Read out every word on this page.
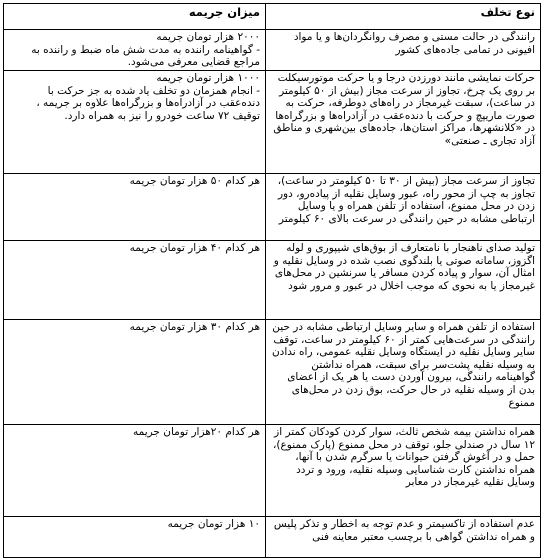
نوع تخلف	میزان جریمه
رانندگی در حالت مستی و مصرف روانگردان‌ها و یا مواد افیونی در تمامی جاده‌های کشور	۲۰۰۰ هزار تومان جریمه
- گواهینامه راننده به مدت شش ماه ضبط و راننده به مراجع قضایی معرفی می‌شود.

حرکات نمایشی مانند دورزدن درجا و یا حرکت موتورسیکلت بر روی یک چرخ، تجاوز از سرعت مجاز (بیش از ۵۰ کیلومتر در ساعت)، سبقت غیرمجاز در راه‌های دوطرفه، حرکت به صورت ماریپچ و حرکت با دنده‌عقب در آزادراه‌ها و بزرگراه‌ها در «کلانشهرها، مراکز استان‌ها، جاده‌های بین‌شهری و مناطق آزاد تجاری ـ صنعتی»	۱۰۰۰ هزار تومان جریمه
- انجام همزمان دو تخلف یاد شده به جز حرکت با دنده‌عقب در آزادراه‌ها و بزرگراه‌ها علاوه بر جریمه ، توقیف ۷۲ ساعت خودرو را نیز به همراه دارد.

تجاوز از سرعت مجاز (بیش از ۳۰ تا ۵۰ کیلومتر در ساعت)، تجاوز به چپ از محور راه، عبور وسایل نقلیه از پیاده‌رو، دور زدن در محل ممنوع، استفاده از تلفن همراه و یا وسایل ارتباطی مشابه در حین رانندگی در سرعت بالای ۶۰ کیلومتر	هر کدام ۵۰ هزار تومان جریمه

تولید صدای ناهنجار با نامتعارف از بوق‌های شیپوری و لوله اگزوز، سامانه صوتی یا بلندگوی نصب شده در وسایل نقلیه و امثال آن، سوار و پیاده کردن مسافر یا سرنشین در محل‌های غیرمجاز یا به نحوی که موجب اخلال در عبور و مرور شود	هر کدام ۴۰ هزار تومان جریمه

استفاده از تلفن همراه و سایر وسایل ارتباطی مشابه در حین رانندگی در سرعت‌هایی کمتر از ۶۰ کیلومتر در ساعت، توقف سایر وسایل نقلیه در ایستگاه وسایل نقلیه عمومی، راه ندادن به وسیله نقلیه پشت‌سر برای سبقت، همراه نداشتن گواهینامه رانندگی، بیرون آوردن دست یا هر یک از اعضای بدن از وسیله نقلیه در حال حرکت، بوق زدن در محل‌های ممنوع	هر کدام ۳۰ هزار تومان جریمه

همراه نداشتن بیمه شخص ثالث، سوار کردن کودکان کمتر از ۱۲ سال در صندلی جلو، توقف در محل ممنوع (پارک ممنوع)، حمل و در آغوش گرفتن حیوانات یا سرگرم شدن با آنها، همراه نداشتن کارت شناسایی وسیله نقلیه، ورود و تردد وسایل نقلیه غیرمجاز در معابر	هر کدام ۲۰هزار تومان جریمه

عدم استفاده از تاکسیمتر و عدم توجه به اخطار و تذکر پلیس و همراه نداشتن گواهی با برچسب معتبر معاینه فنی	۱۰ هزار تومان جریمه
